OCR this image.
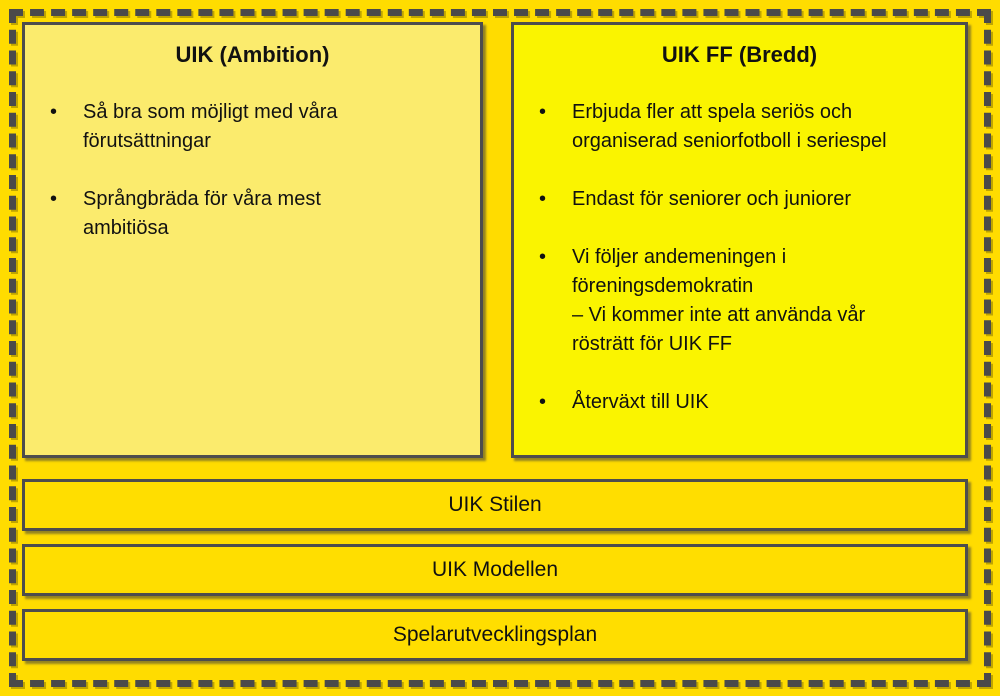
UIK (Ambition)
• Så bra som möjligt med våra
förutsättningar
• Språngbräda för våra mest
ambitiösa
UIK FF (Bredd)
• Erbjuda fler att spela seriös och
organiserad seniorfotboll i seriespel
• Endast för seniorer och juniorer
• Vi följer andemeningen i
föreningsdemokratin
– Vi kommer inte att använda vår
rösträtt för UIK FF
• Återväxt till UIK
UIK Stilen
UIK Modellen
Spelarutvecklingsplan
